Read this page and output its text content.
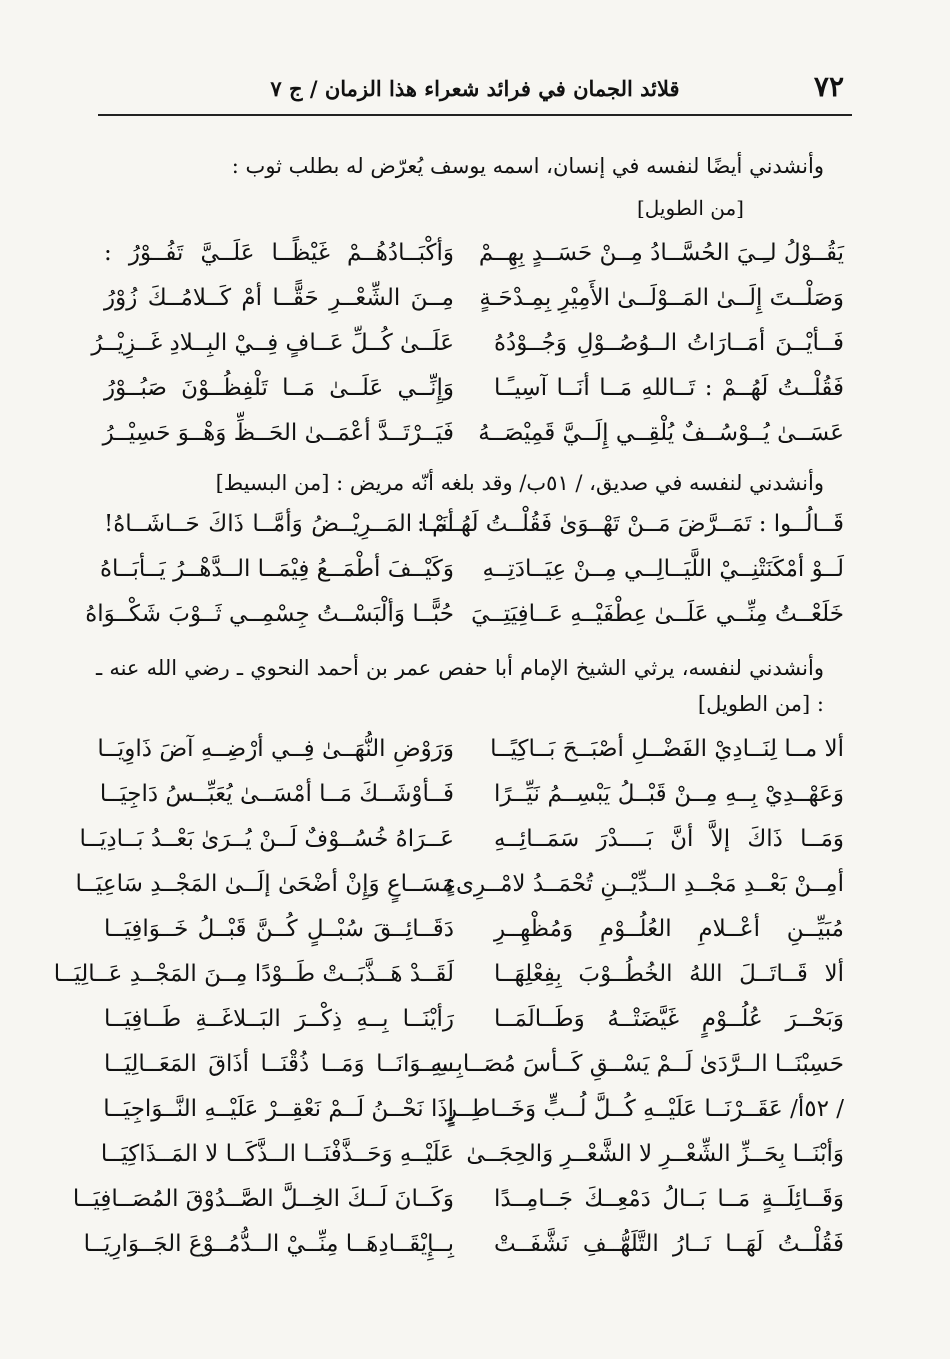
٧٢
قلائد الجمان في فرائد شعراء هذا الزمان / ج ٧

وأنشدني أيضًا لنفسه في إنسان، اسمه يوسف يُعرّض له بطلب ثوب :

[من الطويل]
يَقُــوْلُ لـِـيَ الحُسَّــادُ مِــنْ حَسَــدٍ بِهِــمْ
وَأكْبَــادُهُــمْ غَيْظًــا عَلَــيَّ تَفُــوْرُ :
وَصَلْــتَ إِلَــىٰ المَــوْلَــىٰ الأَمِيْرِ بِمِـدْحَـةٍ
مِــنَ الشِّعْــرِ حَقًّــا أمْ كَــلامُــكَ زُوْرُ
فَــأيْــنَ أمَــارَاتُ الــوُصُــوْلِ وَجُــوْدُهُ
عَلَــىٰ كُــلِّ عَــافٍ فِــيْ البِــلادِ غَــزِيْــرُ
فَقُلْــتُ لَهُــمْ : تَــاللهِ مَــا أنَــا آسِيـًـا
وَإِنِّــي عَلَــىٰ مَــا تَلْفِظُــوْنَ صَبُــوْرُ
عَسَــىٰ يُــوْسُــفٌ يُلْقِــي إِلَــيَّ قَمِيْصَــهُ
فَيَــرْتَــدَّ أعْمَــىٰ الحَــظِّ وَهْــوَ حَسِيْــرُ

وأنشدني لنفسه في صديق، / ٥١ب/ وقد بلغه أنّه مريض : [من البسيط]

قَــالُــوا : تَمَــرَّضَ مَــنْ تَهْــوَىٰ فَقُلْــتُ لَهُــمْ :
أنَــا المَــرِيْــضُ وَأمَّــا ذَاكَ حَــاشَــاهُ!
لَــوْ أمْكَنَتْنِــيْ اللَّيَــالِــي مِــنْ عِيَــادَتِــهِ
وَكَيْــفَ أطْمَــعُ فِيْمَــا الــدَّهْــرُ يَــأبَــاهُ
خَلَعْــتُ مِنِّــي عَلَــىٰ عِطْفَيْــهِ عَــافِيَتِــيَ
حُبًّــا وَألْبَسْــتُ جِسْمِــي ثَــوْبَ شَكْــوَاهُ

وأنشدني لنفسه، يرثي الشيخ الإمام أبا حفص عمر بن أحمد النحوي ـ رضي الله عنه ـ : [من الطويل]

ألا مــا لِنَــادِيْ الفَضْــلِ أصْبَــحَ بَــاكِيًــا
وَرَوْضِ النُّهَــىٰ فِــي أرْضِــهِ آضَ ذَاوِيَــا
وَعَهْــدِيْ بِــهِ مِــنْ قَبْــلُ يَبْسِــمُ نَيِّــرًا
فَــأوْشَــكَ مَــا أمْسَــىٰ يُعَبِّــسُ دَاجِيَــا
وَمَــا ذَاكَ إلاَّ أنَّ بَــــدْرَ سَمَــائِــهِ
عَــرَاهُ خُسُــوْفٌ لَــنْ يُــرَىٰ بَعْــدُ بَــادِيَــا
أمِــنْ بَعْــدِ مَجْــدِ الــدِّيْــنِ تُحْمَــدُ لامْــرِىءٍ
مَسَــاعٍ وَإِنْ أضْحَىٰ إلَــىٰ المَجْــدِ سَاعِيَــا
مُبَيِّــنِ أعْــلامِ العُلُــوْمِ وَمُظْهِــرِ
دَقَــائِــقَ سُبْــلٍ كُــنَّ قَبْــلُ خَــوَافِيَــا
ألا قَــاتَــلَ اللهُ الخُطُــوْبَ بِفِعْلِهَــا
لَقَــدْ هَــذَّبَــتْ طَــوْدًا مِــنَ المَجْــدِ عَــالِيَــا
وَبَحْــرَ عُلُــوْمٍ غَيَّضَتْــهُ وَطَــالَمَــا
رَأيْنَــا بِــهِ ذِكْــرَ البَــلاغَــةِ طَــافِيَــا
حَسِبْنَــا الــرَّدَىٰ لَــمْ يَسْــقِ كَــأسَ مُصَــابِــهِ
سِــوَانَــا وَمَــا ذُقْنَــا أذَاقَ المَعَــالِيَــا
/ ٥٢أ/ عَقَــرْنَــا عَلَيْــهِ كُــلَّ لُــبٍّ وَخَــاطِــرٍ
إِذَا نَحْــنُ لَــمْ نَعْقِــرْ عَلَيْــهِ النَّــوَاجِيَــا
وَأبْنَــا بِحَــزِّ الشِّعْــرِ لا الشَّعْــرِ وَالحِجَــىٰ
عَلَيْــهِ وَحَــذَّفْنَــا الــذَّكَــا لا المَــذَاكِيَــا
وَقَــائِلَــةٍ مَــا بَــالُ دَمْعِــكَ جَــامِــدًا
وَكَــانَ لَــكَ الخِــلَّ الصَّــدُوْقَ المُصَــافِيَــا
فَقُلْــتُ لَهَــا نَــارُ التَّلَهُّــفِ نَشَّفَــتْ
بِــإِيْقَــادِهَــا مِنِّــيْ الــدُّمُــوْعَ الجَــوَارِيَــا
